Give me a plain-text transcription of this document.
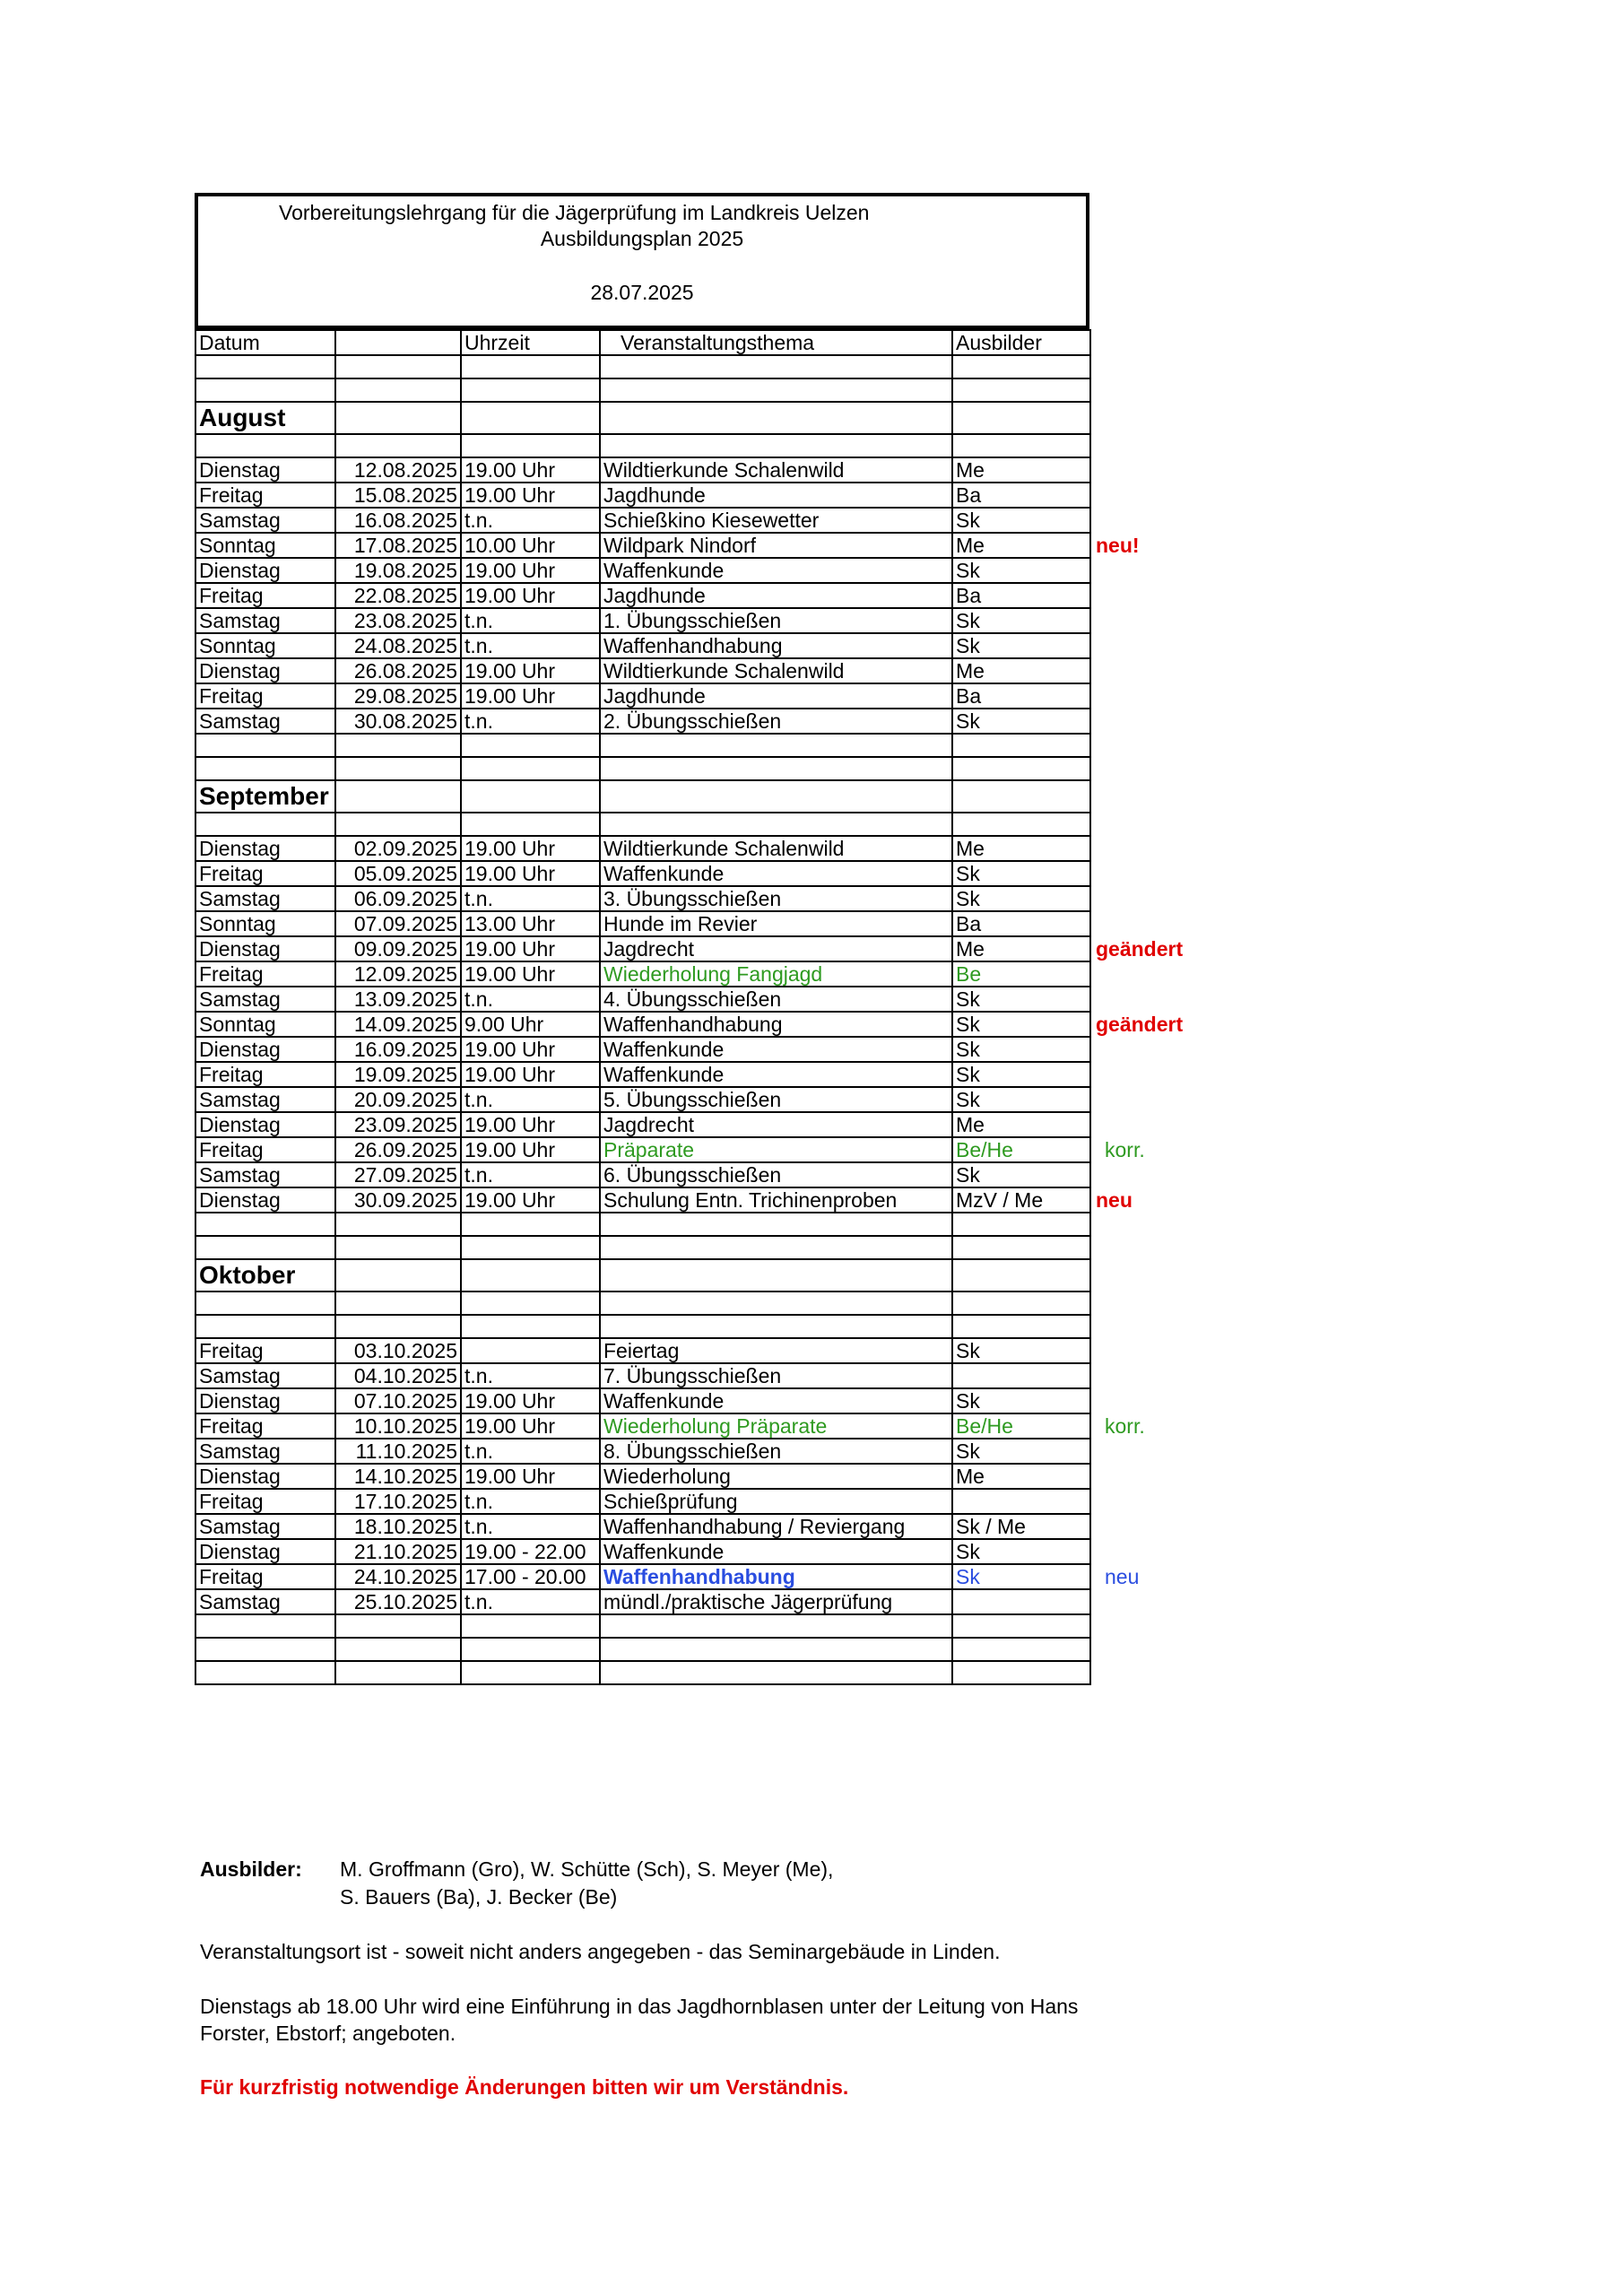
Vorbereitungslehrgang für die Jägerprüfung im Landkreis Uelzen
Ausbildungsplan 2025
28.07.2025
Datum		Uhrzeit	Veranstaltungsthema	Ausbilder

August				

Dienstag	12.08.2025	19.00 Uhr	Wildtierkunde Schalenwild	Me
Freitag	15.08.2025	19.00 Uhr	Jagdhunde	Ba
Samstag	16.08.2025	t.n.	Schießkino Kiesewetter	Sk
Sonntag	17.08.2025	10.00 Uhr	Wildpark Nindorf	Me
Dienstag	19.08.2025	19.00 Uhr	Waffenkunde	Sk
Freitag	22.08.2025	19.00 Uhr	Jagdhunde	Ba
Samstag	23.08.2025	t.n.	1. Übungsschießen	Sk
Sonntag	24.08.2025	t.n.	Waffenhandhabung	Sk
Dienstag	26.08.2025	19.00 Uhr	Wildtierkunde Schalenwild	Me
Freitag	29.08.2025	19.00 Uhr	Jagdhunde	Ba
Samstag	30.08.2025	t.n.	2. Übungsschießen	Sk

September				

Dienstag	02.09.2025	19.00 Uhr	Wildtierkunde Schalenwild	Me
Freitag	05.09.2025	19.00 Uhr	Waffenkunde	Sk
Samstag	06.09.2025	t.n.	3. Übungsschießen	Sk
Sonntag	07.09.2025	13.00 Uhr	Hunde im Revier	Ba
Dienstag	09.09.2025	19.00 Uhr	Jagdrecht	Me
Freitag	12.09.2025	19.00 Uhr	Wiederholung Fangjagd	Be
Samstag	13.09.2025	t.n.	4. Übungsschießen	Sk
Sonntag	14.09.2025	9.00 Uhr	Waffenhandhabung	Sk
Dienstag	16.09.2025	19.00 Uhr	Waffenkunde	Sk
Freitag	19.09.2025	19.00 Uhr	Waffenkunde	Sk
Samstag	20.09.2025	t.n.	5. Übungsschießen	Sk
Dienstag	23.09.2025	19.00 Uhr	Jagdrecht	Me
Freitag	26.09.2025	19.00 Uhr	Präparate	Be/He
Samstag	27.09.2025	t.n.	6. Übungsschießen	Sk
Dienstag	30.09.2025	19.00 Uhr	Schulung Entn. Trichinenproben	MzV / Me

Oktober				

Freitag	03.10.2025		Feiertag	Sk
Samstag	04.10.2025	t.n.	7. Übungsschießen	
Dienstag	07.10.2025	19.00 Uhr	Waffenkunde	Sk
Freitag	10.10.2025	19.00 Uhr	Wiederholung Präparate	Be/He
Samstag	11.10.2025	t.n.	8. Übungsschießen	Sk
Dienstag	14.10.2025	19.00 Uhr	Wiederholung	Me
Freitag	17.10.2025	t.n.	Schießprüfung	
Samstag	18.10.2025	t.n.	Waffenhandhabung / Reviergang	Sk / Me
Dienstag	21.10.2025	19.00 - 22.00	Waffenkunde	Sk
Freitag	24.10.2025	17.00 - 20.00	Waffenhandhabung	Sk
Samstag	25.10.2025	t.n.	mündl./praktische Jägerprüfung	

neu!
geändert
geändert
korr.
neu
korr.
neu
Ausbilder: M. Groffmann (Gro), W. Schütte (Sch), S. Meyer (Me),
S. Bauers (Ba), J. Becker (Be)
Veranstaltungsort ist - soweit nicht anders angegeben - das Seminargebäude in Linden.
Dienstags ab 18.00 Uhr wird eine Einführung in das Jagdhornblasen unter der Leitung von Hans
Forster, Ebstorf; angeboten.
Für kurzfristig notwendige Änderungen bitten wir um Verständnis.
